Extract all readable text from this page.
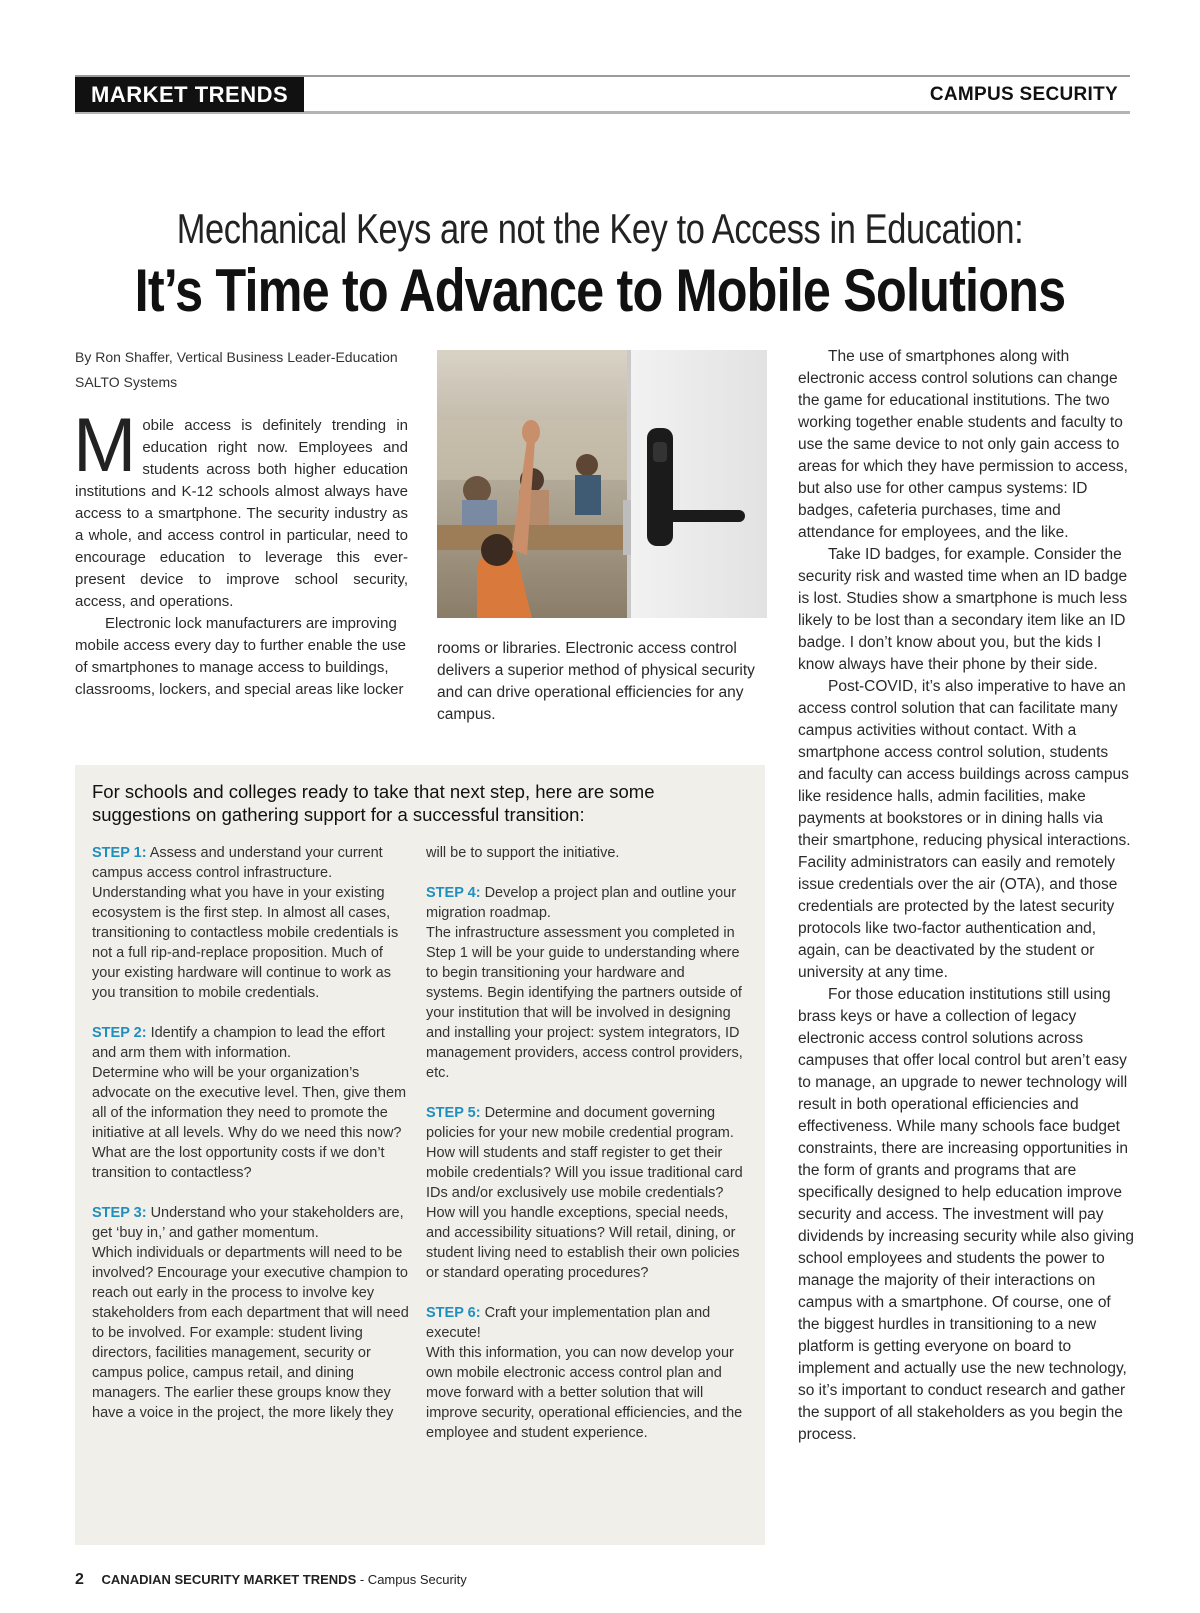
MARKET TRENDS	CAMPUS SECURITY
Mechanical Keys are not the Key to Access in Education:
It’s Time to Advance to Mobile Solutions
By Ron Shaffer, Vertical Business Leader-Education
SALTO Systems

Mobile access is definitely trending in education right now. Employees and students across both higher education institutions and K-12 schools almost always have access to a smartphone. The security industry as a whole, and access control in particular, need to encourage education to leverage this ever-present device to improve school security, access, and operations.

Electronic lock manufacturers are improving mobile access every day to further enable the use of smartphones to manage access to buildings, classrooms, lockers, and special areas like locker

rooms or libraries. Electronic access control delivers a superior method of physical security and can drive operational efficiencies for any campus.

The use of smartphones along with electronic access control solutions can change the game for educational institutions. The two working together enable students and faculty to use the same device to not only gain access to areas for which they have permission to access, but also use for other campus systems: ID badges, cafeteria purchases, time and attendance for employees, and the like.

Take ID badges, for example. Consider the security risk and wasted time when an ID badge is lost. Studies show a smartphone is much less likely to be lost than a secondary item like an ID badge. I don’t know about you, but the kids I know always have their phone by their side.

Post-COVID, it’s also imperative to have an access control solution that can facilitate many campus activities without contact. With a smartphone access control solution, students and faculty can access buildings across campus like residence halls, admin facilities, make payments at bookstores or in dining halls via their smartphone, reducing physical interactions. Facility administrators can easily and remotely issue credentials over the air (OTA), and those credentials are protected by the latest security protocols like two-factor authentication and, again, can be deactivated by the student or university at any time.

For those education institutions still using brass keys or have a collection of legacy electronic access control solutions across campuses that offer local control but aren’t easy to manage, an upgrade to newer technology will result in both operational efficiencies and effectiveness. While many schools face budget constraints, there are increasing opportunities in the form of grants and programs that are specifically designed to help education improve security and access. The investment will pay dividends by increasing security while also giving school employees and students the power to manage the majority of their interactions on campus with a smartphone. Of course, one of the biggest hurdles in transitioning to a new platform is getting everyone on board to implement and actually use the new technology, so it’s important to conduct research and gather the support of all stakeholders as you begin the process.

For schools and colleges ready to take that next step, here are some suggestions on gathering support for a successful transition:
STEP 1: Assess and understand your current campus access control infrastructure.
Understanding what you have in your existing ecosystem is the first step. In almost all cases, transitioning to contactless mobile credentials is not a full rip-and-replace proposition. Much of your existing hardware will continue to work as you transition to mobile credentials.
STEP 2: Identify a champion to lead the effort and arm them with information.
Determine who will be your organization’s advocate on the executive level. Then, give them all of the information they need to promote the initiative at all levels. Why do we need this now? What are the lost opportunity costs if we don’t transition to contactless?
STEP 3: Understand who your stakeholders are, get ‘buy in,’ and gather momentum.
Which individuals or departments will need to be involved? Encourage your executive champion to reach out early in the process to involve key stakeholders from each department that will need to be involved. For example: student living directors, facilities management, security or campus police, campus retail, and dining managers. The earlier these groups know they have a voice in the project, the more likely they
will be to support the initiative.
STEP 4: Develop a project plan and outline your migration roadmap.
The infrastructure assessment you completed in Step 1 will be your guide to understanding where to begin transitioning your hardware and systems. Begin identifying the partners outside of your institution that will be involved in designing and installing your project: system integrators, ID management providers, access control providers, etc.
STEP 5: Determine and document governing policies for your new mobile credential program.
How will students and staff register to get their mobile credentials? Will you issue traditional card IDs and/or exclusively use mobile credentials? How will you handle exceptions, special needs, and accessibility situations? Will retail, dining, or student living need to establish their own policies or standard operating procedures?
STEP 6: Craft your implementation plan and execute!
With this information, you can now develop your own mobile electronic access control plan and move forward with a better solution that will improve security, operational efficiencies, and the employee and student experience.
2 CANADIAN SECURITY MARKET TRENDS - Campus Security
